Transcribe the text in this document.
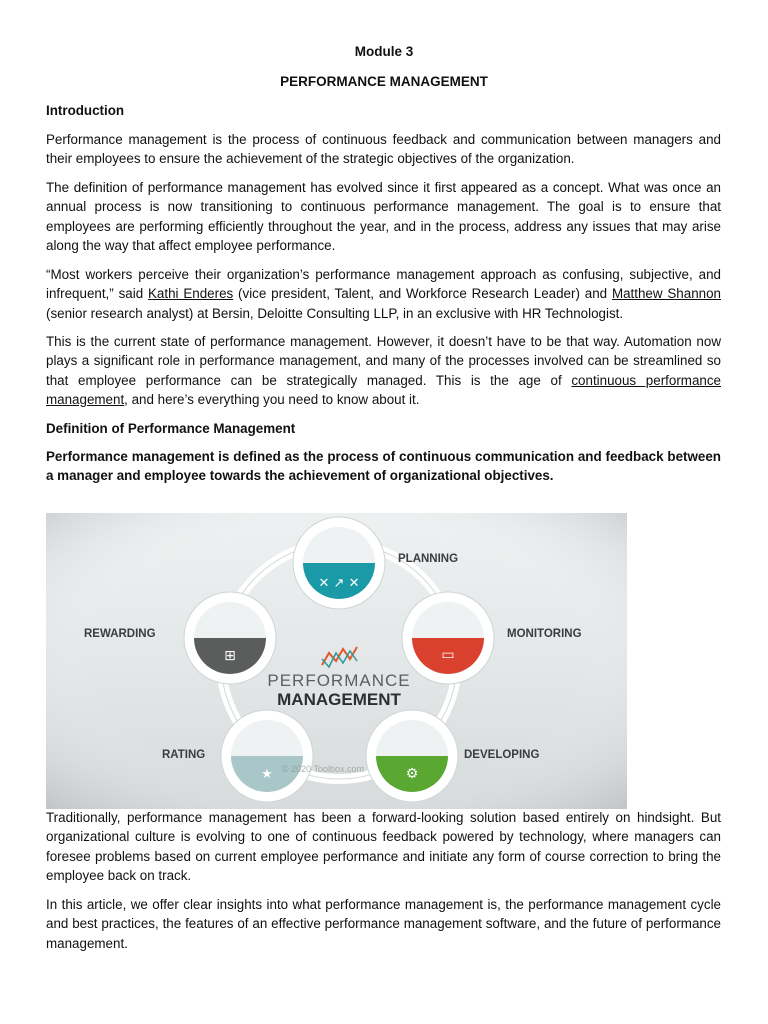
Module 3
PERFORMANCE MANAGEMENT

Introduction

Performance management is the process of continuous feedback and communication between managers and their employees to ensure the achievement of the strategic objectives of the organization.

The definition of performance management has evolved since it first appeared as a concept. What was once an annual process is now transitioning to continuous performance management. The goal is to ensure that employees are performing efficiently throughout the year, and in the process, address any issues that may arise along the way that affect employee performance.

“Most workers perceive their organization’s performance management approach as confusing, subjective, and infrequent,” said Kathi Enderes (vice president, Talent, and Workforce Research Leader) and Matthew Shannon (senior research analyst) at Bersin, Deloitte Consulting LLP, in an exclusive with HR Technologist.

This is the current state of performance management. However, it doesn’t have to be that way. Automation now plays a significant role in performance management, and many of the processes involved can be streamlined so that employee performance can be strategically managed. This is the age of continuous performance management, and here’s everything you need to know about it.

Definition of Performance Management

Performance management is defined as the process of continuous communication and feedback between a manager and employee towards the achievement of organizational objectives.

✕ ↗ ✕
▭
⚙
★
⊞
PERFORMANCE
MANAGEMENT
PLANNING
MONITORING
DEVELOPING
RATING
REWARDING
© 2020 Toolbox.com

Traditionally, performance management has been a forward-looking solution based entirely on hindsight. But organizational culture is evolving to one of continuous feedback powered by technology, where managers can foresee problems based on current employee performance and initiate any form of course correction to bring the employee back on track.

In this article, we offer clear insights into what performance management is, the performance management cycle and best practices, the features of an effective performance management software, and the future of performance management.
